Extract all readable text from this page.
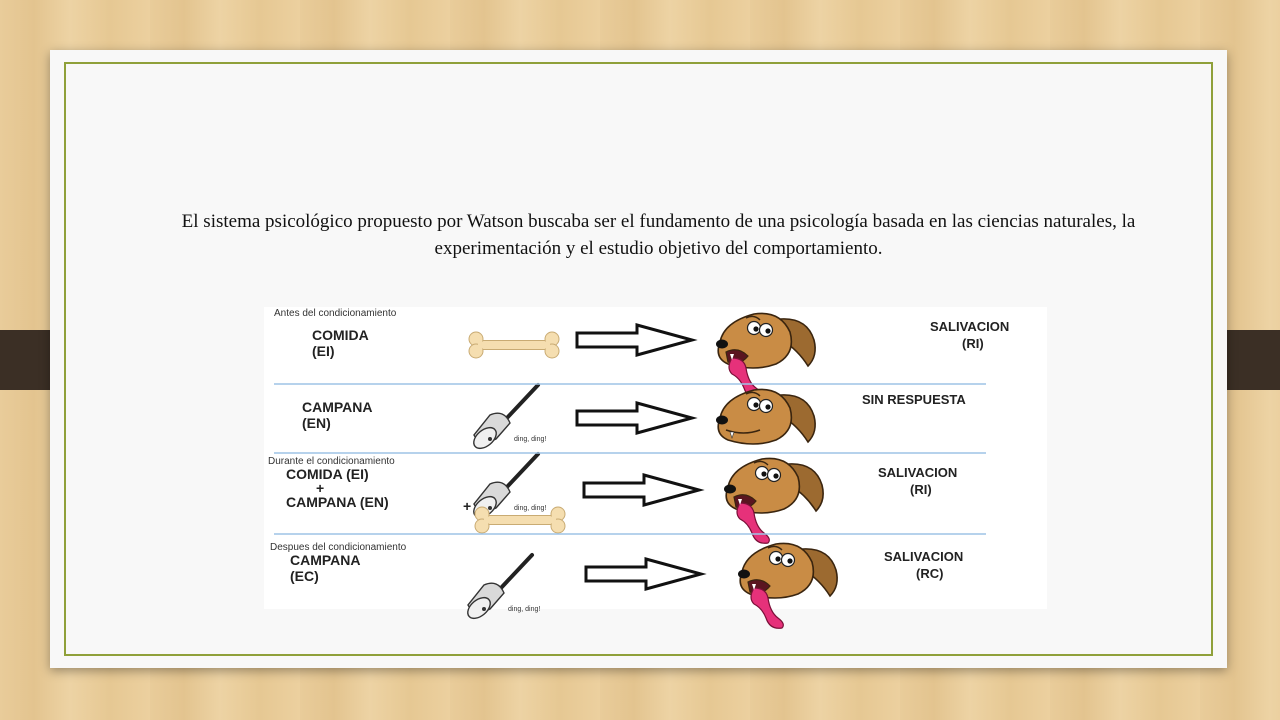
El sistema psicológico propuesto por Watson buscaba ser el fundamento de una psicología basada en las ciencias naturales, la experimentación y el estudio objetivo del comportamiento.
Antes del condicionamiento
COMIDA
(EI)
SALIVACION
(RI)
CAMPANA
(EN)
ding, ding!
SIN RESPUESTA
Durante el condicionamiento
COMIDA (EI)
+
CAMPANA (EN)	ding, ding!
+
SALIVACION
(RI)
Despues del condicionamiento
CAMPANA
(EC)
ding, ding!
SALIVACION
(RC)
